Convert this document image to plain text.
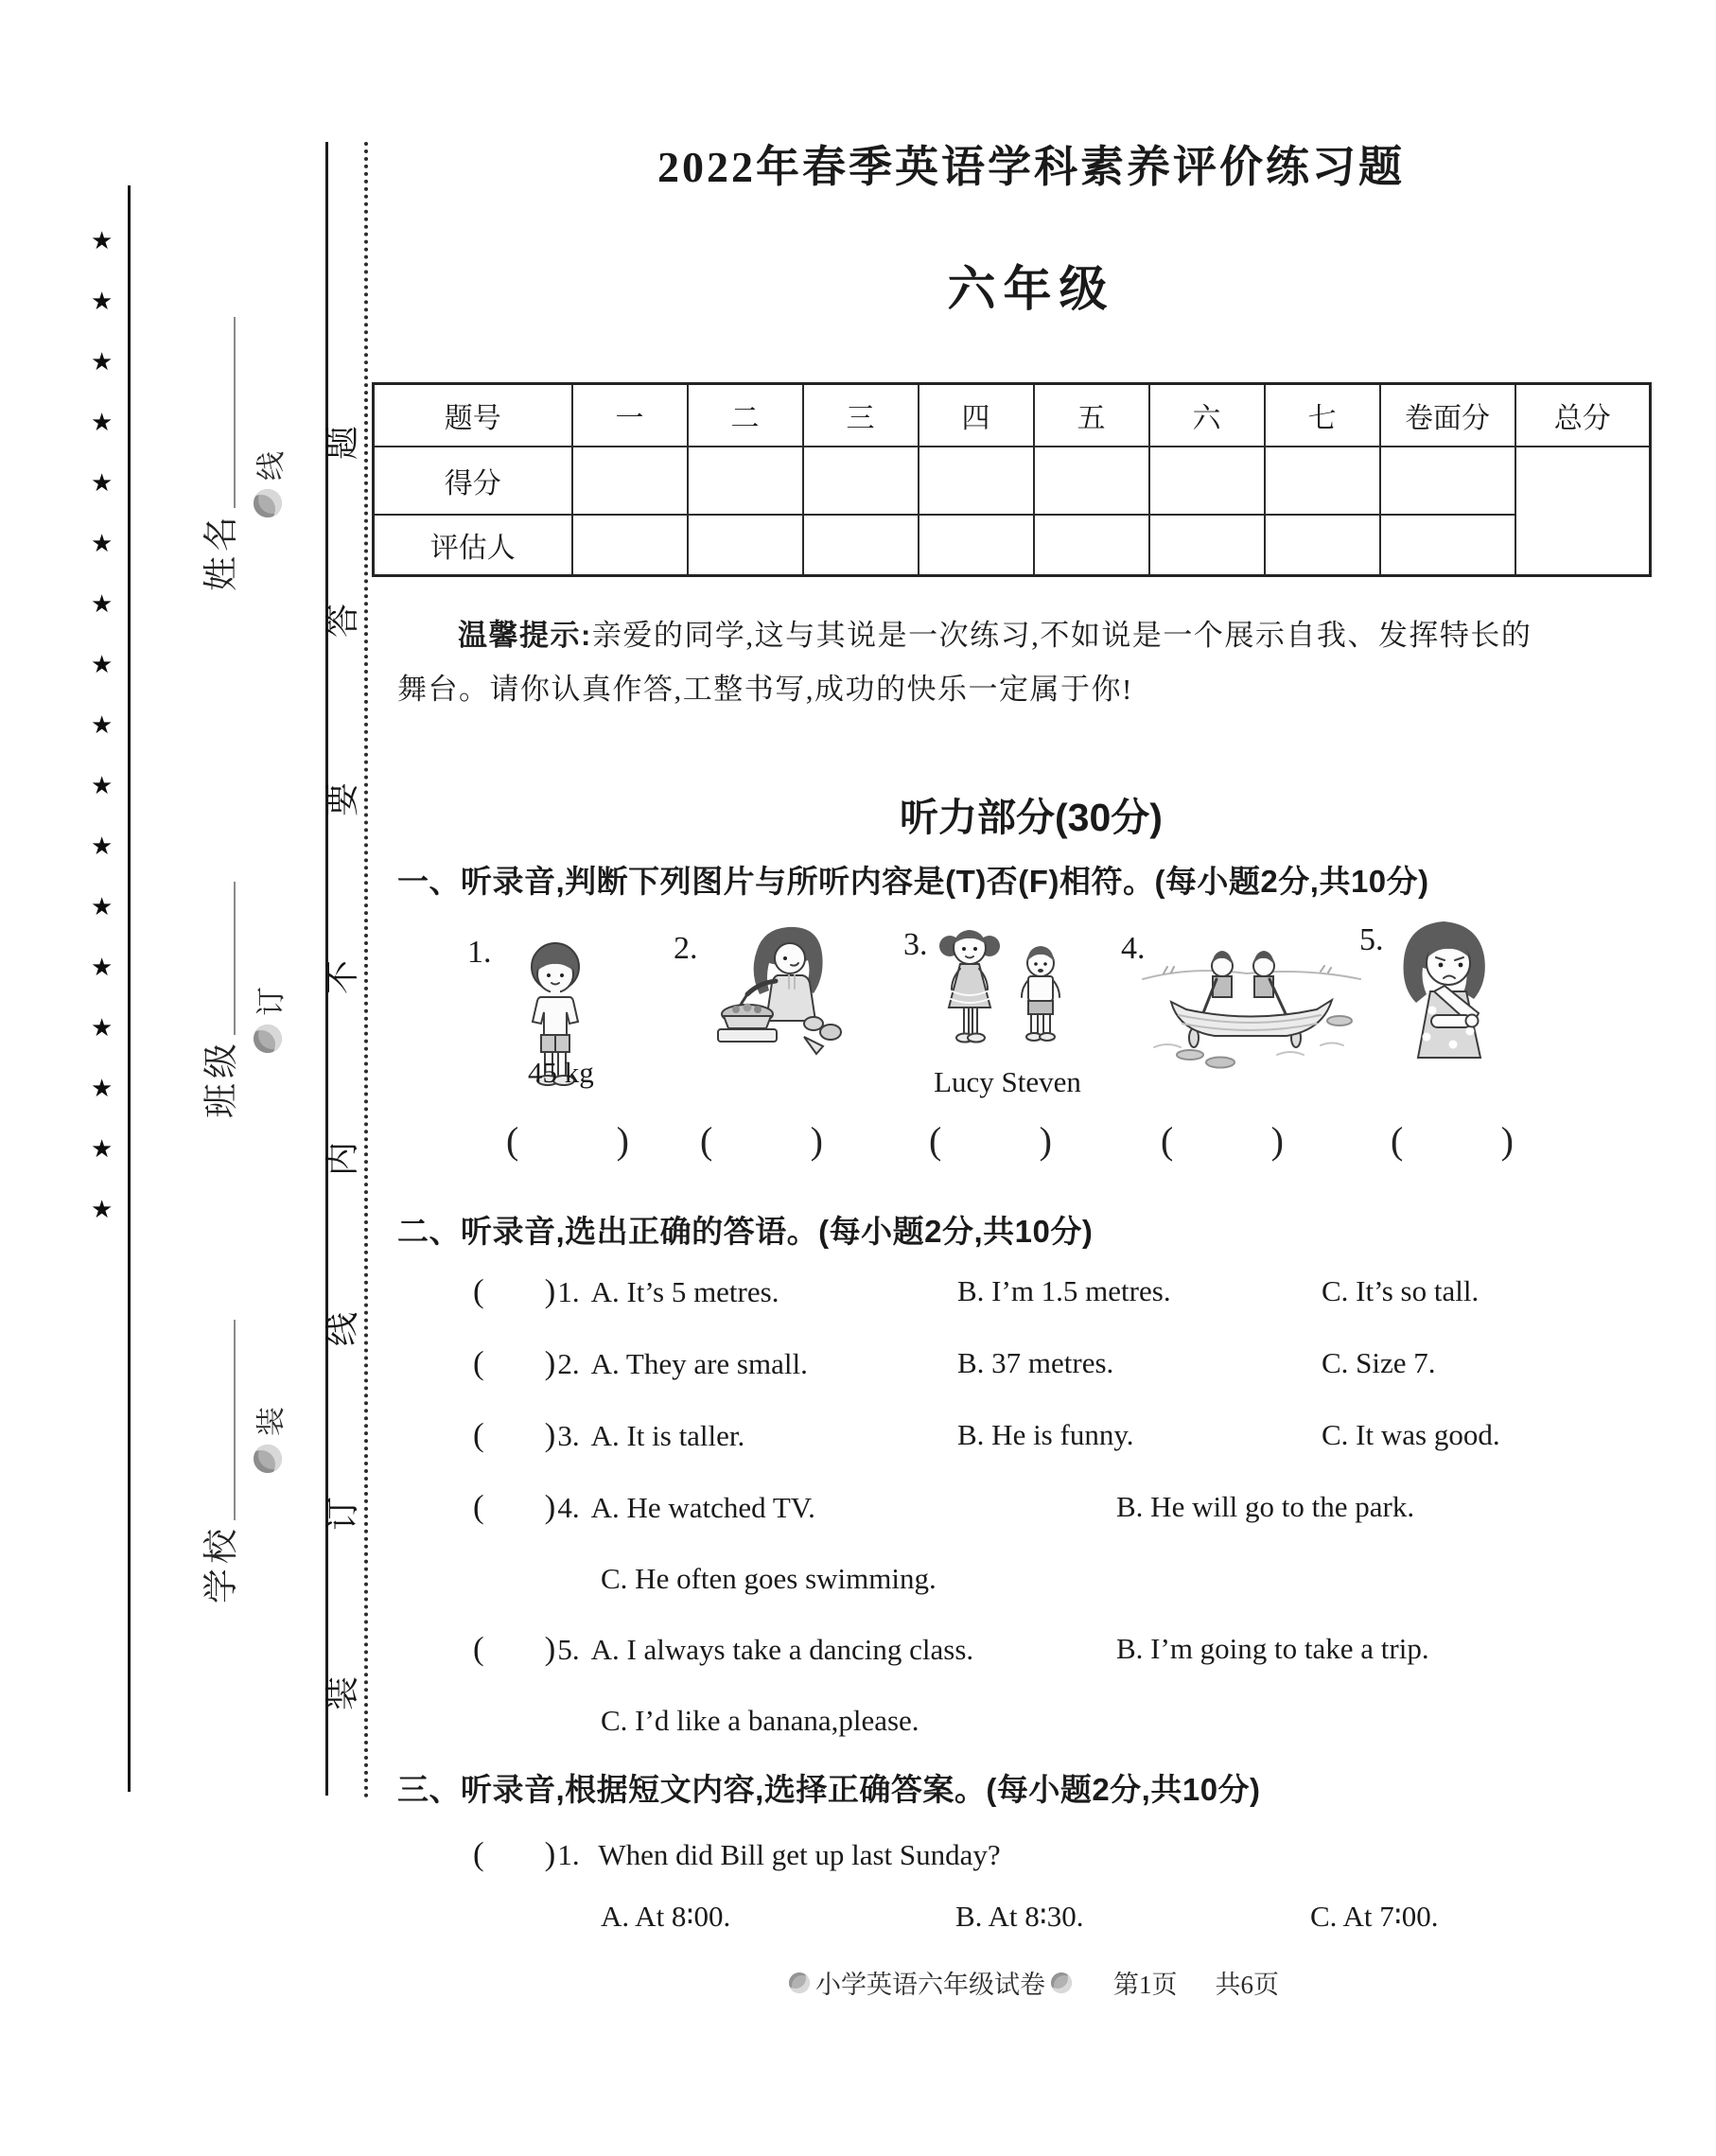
★
★
★
★
★
★
★
★
★
★
★
★
★
★
★
★
★
姓名
班级
学校
线
订
装
题
答
要
不
内
线
订
装
2022年春季英语学科素养评价练习题
六年级
题号	一	二	三	四	五	六	七	卷面分	总分
得分									
评估人									
温馨提示:亲爱的同学,这与其说是一次练习,不如说是一个展示自我、发挥特长的
舞台。请你认真作答,工整书写,成功的快乐一定属于你!
听力部分(30分)
一、听录音,判断下列图片与所听内容是(T)否(F)相符。(每小题2分,共10分)
1.	2.	3.	4.	5.
45 kg	Lucy Steven
(	) (	)	(	)	(	)	(	)
二、听录音,选出正确的答语。(每小题2分,共10分)
( )1. A. It’s 5 metres.	B. I’m 1.5 metres.	C. It’s so tall.
( )2. A. They are small.	B. 37 metres.	C. Size 7.
( )3. A. It is taller.	B. He is funny.	C. It was good.
( )4. A. He watched TV.	B. He will go to the park.
C. He often goes swimming.
( )5. A. I always take a dancing class.	B. I’m going to take a trip.
C. I’d like a banana,please.
三、听录音,根据短文内容,选择正确答案。(每小题2分,共10分)
( )1. When did Bill get up last Sunday?
A. At 8∶00.	B. At 8∶30.	C. At 7∶00.
小学英语六年级试卷	第1页 共6页
